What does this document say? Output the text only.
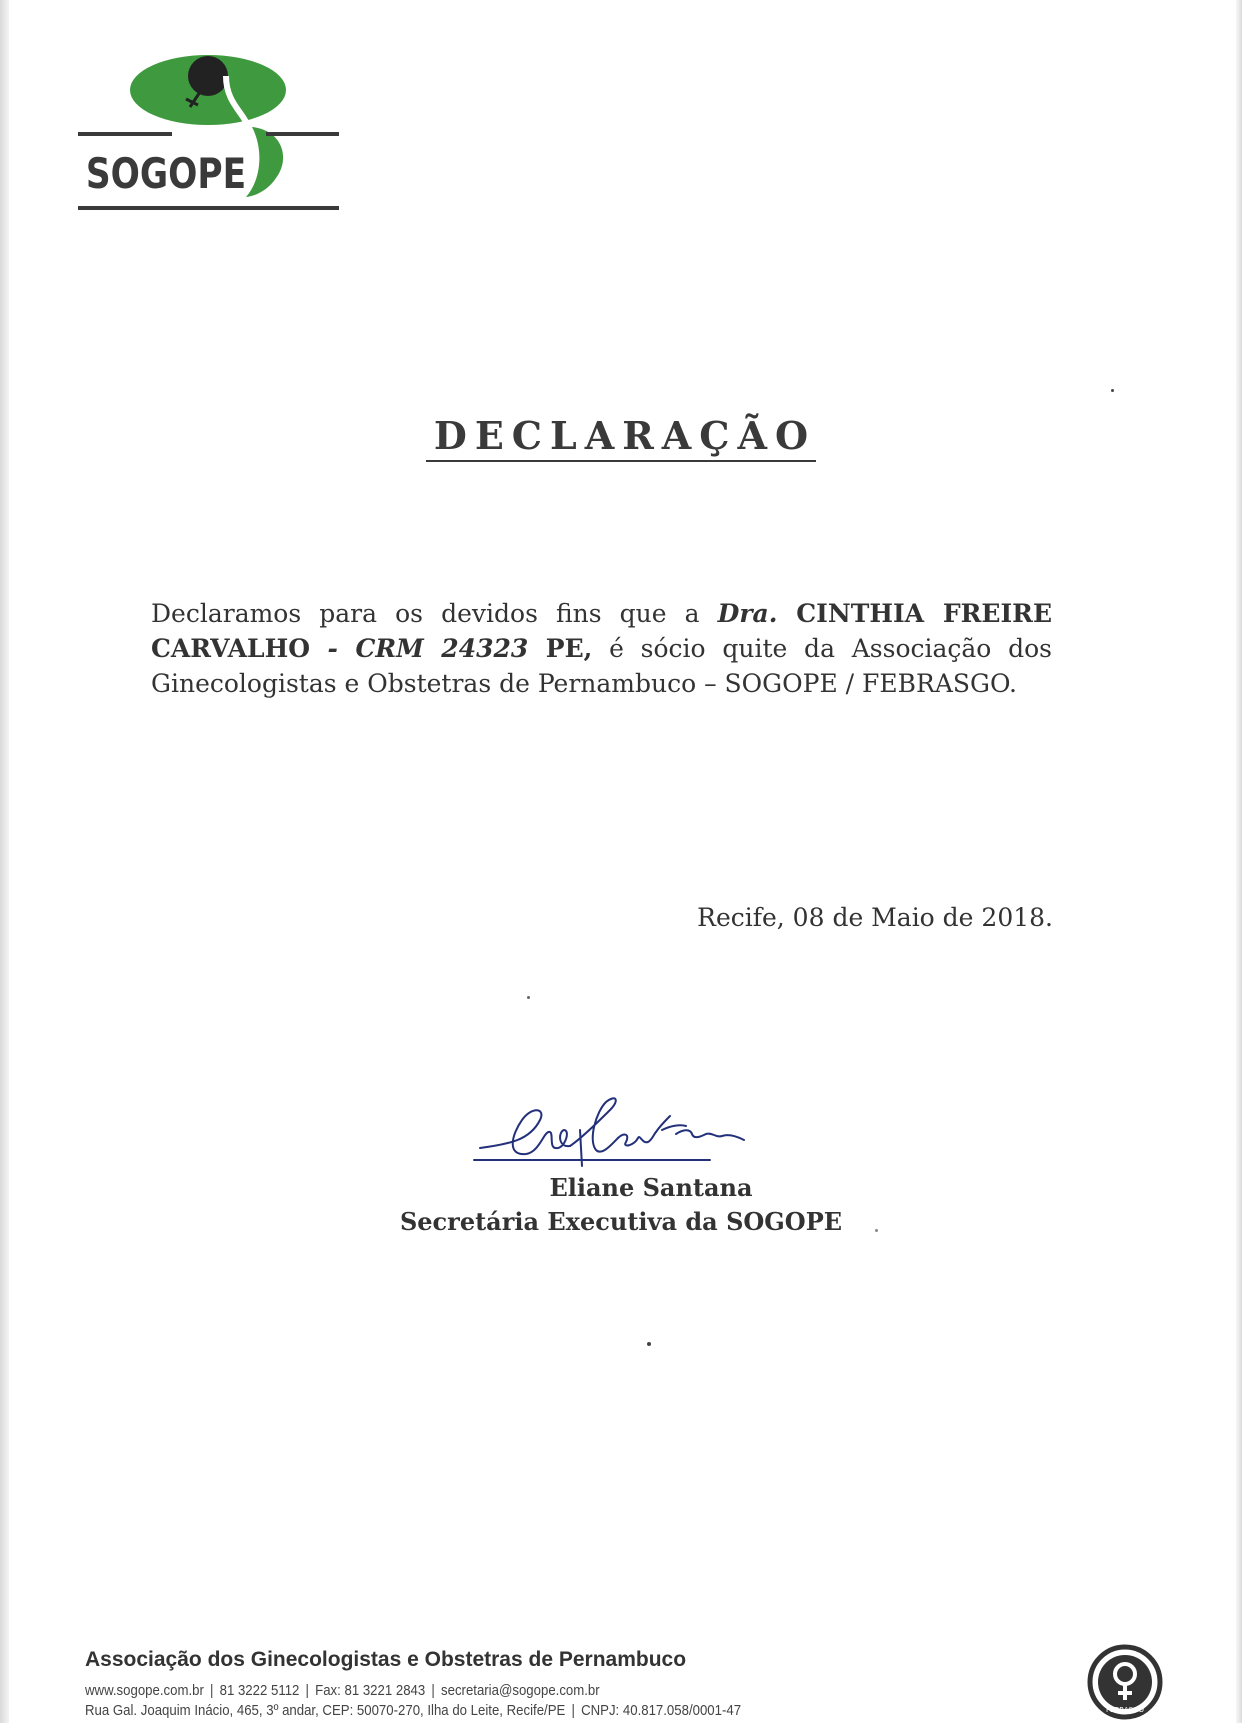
SOGOPE
DECLARAÇÃO
Declaramos para os devidos fins que a Dra. CINTHIA FREIRE CARVALHO - CRM 24323 PE, é sócio quite da Associação dos Ginecologistas e Obstetras de Pernambuco – SOGOPE / FEBRASGO.
Recife, 08 de Maio de 2018.
Eliane Santana
Secretária Executiva da SOGOPE
Associação dos Ginecologistas e Obstetras de Pernambuco
www.sogope.com.br | 81 3222 5112 | Fax: 81 3221 2843 | secretaria@sogope.com.br
Rua Gal. Joaquim Inácio, 465, 3º andar, CEP: 50070-270, Ilha do Leite, Recife/PE | CNPJ: 40.817.058/0001-47	FEBRASGO
